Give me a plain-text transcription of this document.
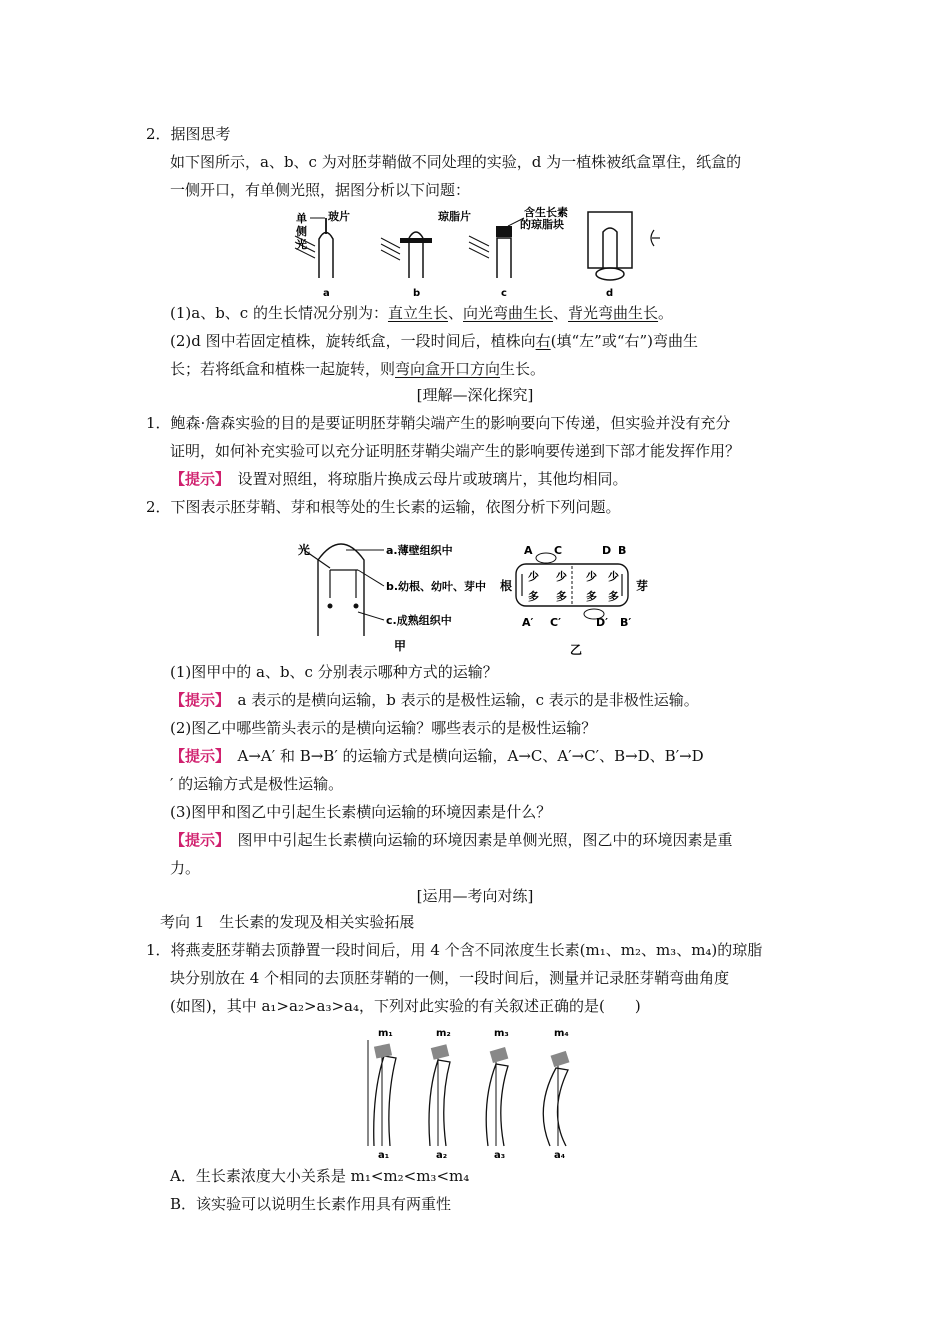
2．据图思考
如下图所示，a、b、c 为对胚芽鞘做不同处理的实验，d 为一植株被纸盒罩住，纸盒的
一侧开口，有单侧光照，据图分析以下问题：
单
侧
光
玻片	琼脂片	含生长素
的琼脂块
a	b	c	d
(1)a、b、c 的生长情况分别为：直立生长、向光弯曲生长、背光弯曲生长。
(2)d 图中若固定植株，旋转纸盒，一段时间后，植株向右(填“左”或“右”)弯曲生
长；若将纸盒和植株一起旋转，则弯向盒开口方向生长。
[理解—深化探究]
1．鲍森·詹森实验的目的是要证明胚芽鞘尖端产生的影响要向下传递，但实验并没有充分
证明，如何补充实验可以充分证明胚芽鞘尖端产生的影响要传递到下部才能发挥作用？
【提示】　 设置对照组，将琼脂片换成云母片或玻璃片，其他均相同。
2．下图表示胚芽鞘、芽和根等处的生长素的运输，依图分析下列问题。
光	a.薄壁组织中
b.幼根、幼叶、芽中
c.成熟组织中
甲
A C	D B
A′ C′	D′ B′
根	芽
少 少 少 少
多 多 多 多
乙
(1)图甲中的 a、b、c 分别表示哪种方式的运输？
【提示】　 a 表示的是横向运输，b 表示的是极性运输，c 表示的是非极性运输。
(2)图乙中哪些箭头表示的是横向运输？哪些表示的是极性运输？
【提示】　 A→A′ 和 B→B′ 的运输方式是横向运输，A→C、A′→C′、B→D、B′→D
′ 的运输方式是极性运输。
(3)图甲和图乙中引起生长素横向运输的环境因素是什么？
【提示】　 图甲中引起生长素横向运输的环境因素是单侧光照，图乙中的环境因素是重
力。
[运用—考向对练]
考向 1　生长素的发现及相关实验拓展
1．将燕麦胚芽鞘去顶静置一段时间后，用 4 个含不同浓度生长素(m₁、m₂、m₃、m₄)的琼脂
块分别放在 4 个相同的去顶胚芽鞘的一侧，一段时间后，测量并记录胚芽鞘弯曲角度
(如图)，其中 a₁>a₂>a₃>a₄，下列对此实验的有关叙述正确的是(　　)
m₁	m₂	m₃	m₄
a₁	a₂	a₃	a₄
A．生长素浓度大小关系是 m₁<m₂<m₃<m₄
B．该实验可以说明生长素作用具有两重性
